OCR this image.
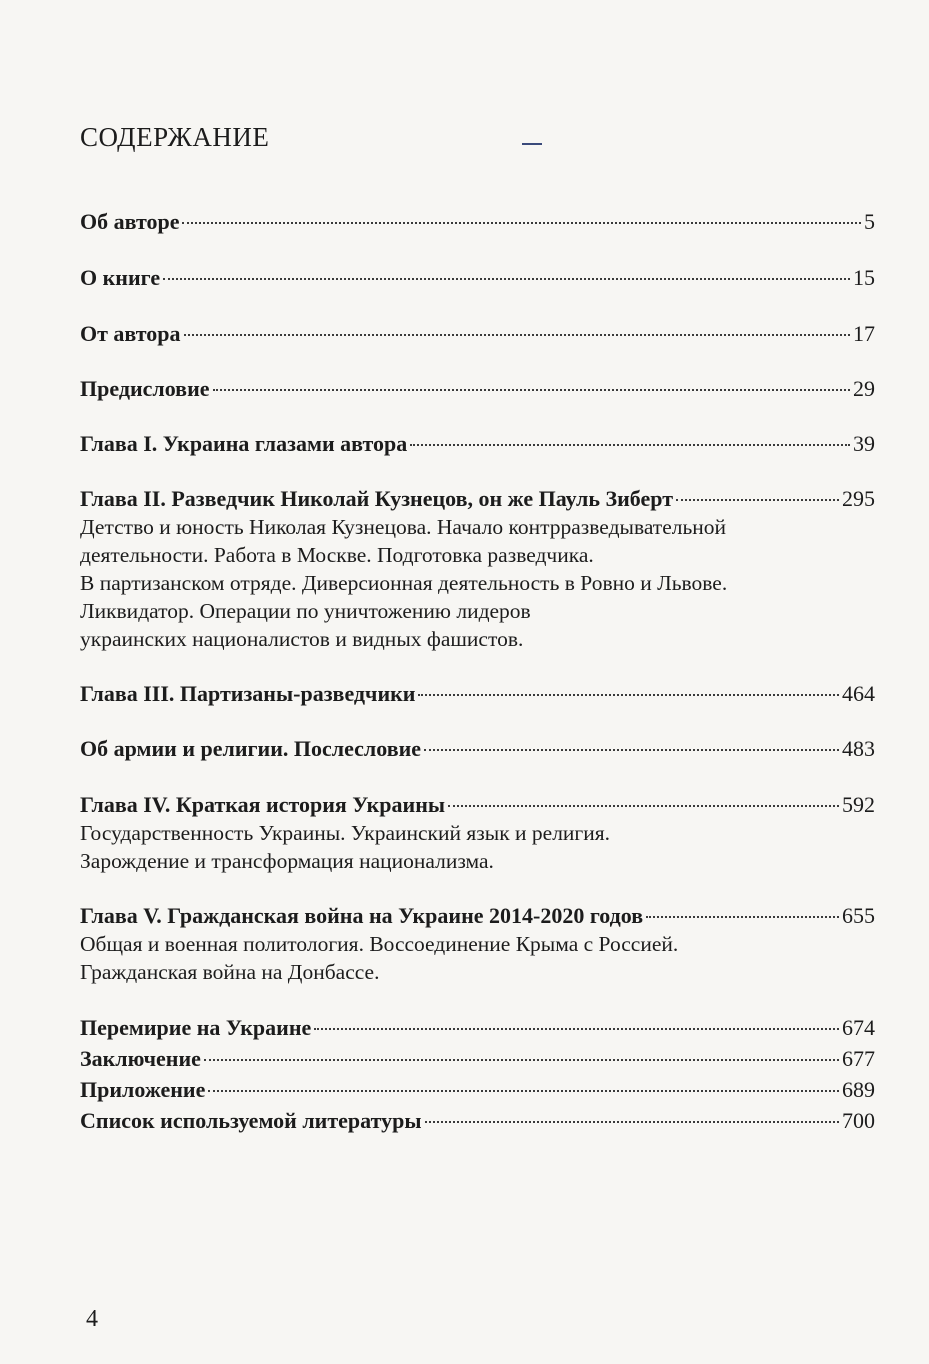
СОДЕРЖАНИЕ
Об авторе	5
О книге	15
От автора	17
Предисловие	29
Глава I. Украина глазами автора	39
Глава II. Разведчик Николай Кузнецов, он же Пауль Зиберт	295

Детство и юность Николая Кузнецова. Начало контрразведывательной

деятельности. Работа в Москве. Подготовка разведчика.

В партизанском отряде. Диверсионная деятельность в Ровно и Львове.

Ликвидатор. Операции по уничтожению лидеров

украинских националистов и видных фашистов.

Глава III. Партизаны-разведчики	464
Об армии и религии. Послесловие	483
Глава IV. Краткая история Украины	592

Государственность Украины. Украинский язык и религия.

Зарождение и трансформация национализма.

Глава V. Гражданская война на Украине 2014-2020 годов	655

Общая и военная политология. Воссоединение Крыма с Россией.

Гражданская война на Донбассе.

Перемирие на Украине	674
Заключение	677
Приложение	689
Список используемой литературы	700
4
